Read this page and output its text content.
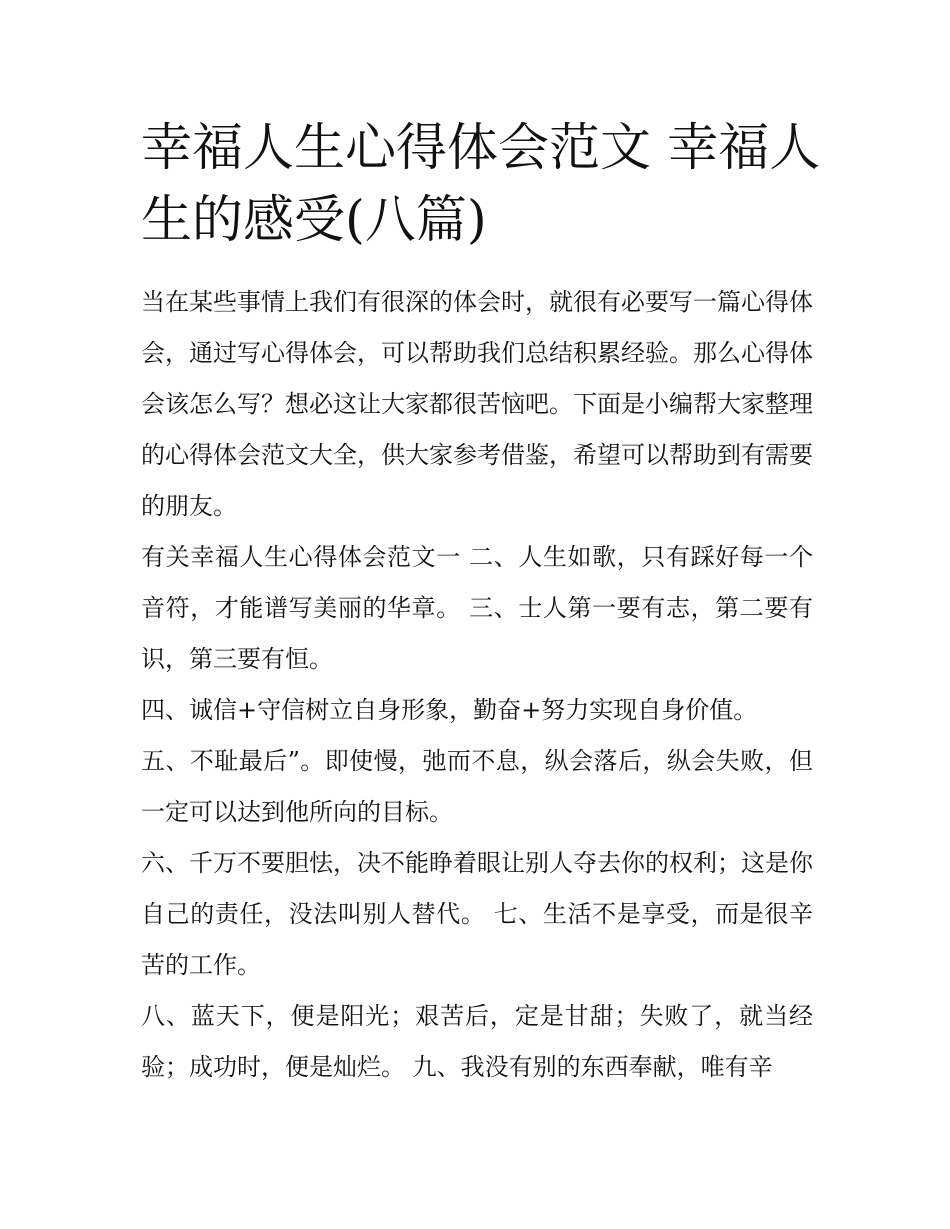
幸福人生心得体会范文 幸福人生的感受(八篇)

当在某些事情上我们有很深的体会时，就很有必要写一篇心得体会，通过写心得体会，可以帮助我们总结积累经验。那么心得体会该怎么写？想必这让大家都很苦恼吧。下面是小编帮大家整理的心得体会范文大全，供大家参考借鉴，希望可以帮助到有需要的朋友。

有关幸福人生心得体会范文一 二、人生如歌，只有踩好每一个音符，才能谱写美丽的华章。 三、士人第一要有志，第二要有识，第三要有恒。

四、诚信+守信树立自身形象，勤奋+努力实现自身价值。

五、不耻最后”。即使慢，弛而不息，纵会落后，纵会失败，但一定可以达到他所向的目标。

六、千万不要胆怯，决不能睁着眼让别人夺去你的权利；这是你自己的责任，没法叫别人替代。 七、生活不是享受，而是很辛苦的工作。

八、蓝天下，便是阳光；艰苦后，定是甘甜；失败了，就当经验；成功时，便是灿烂。 九、我没有别的东西奉献，唯有辛
